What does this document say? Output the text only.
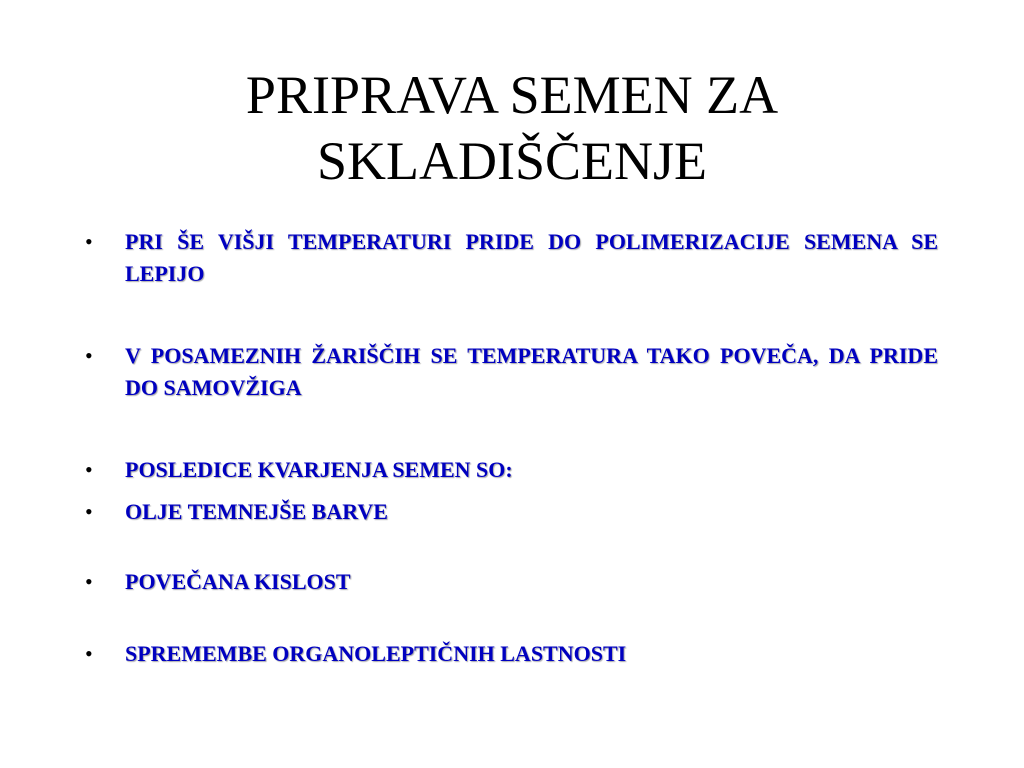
PRIPRAVA SEMEN ZA
SKLADIŠČENJE
• PRI ŠE VIŠJI TEMPERATURI PRIDE DO POLIMERIZACIJE SEMENA SE LEPIJO
• V POSAMEZNIH ŽARIŠČIH SE TEMPERATURA TAKO POVEČA, DA PRIDE DO SAMOVŽIGA
• POSLEDICE KVARJENJA SEMEN SO:
• OLJE TEMNEJŠE BARVE
• POVEČANA KISLOST
• SPREMEMBE ORGANOLEPTIČNIH LASTNOSTI
